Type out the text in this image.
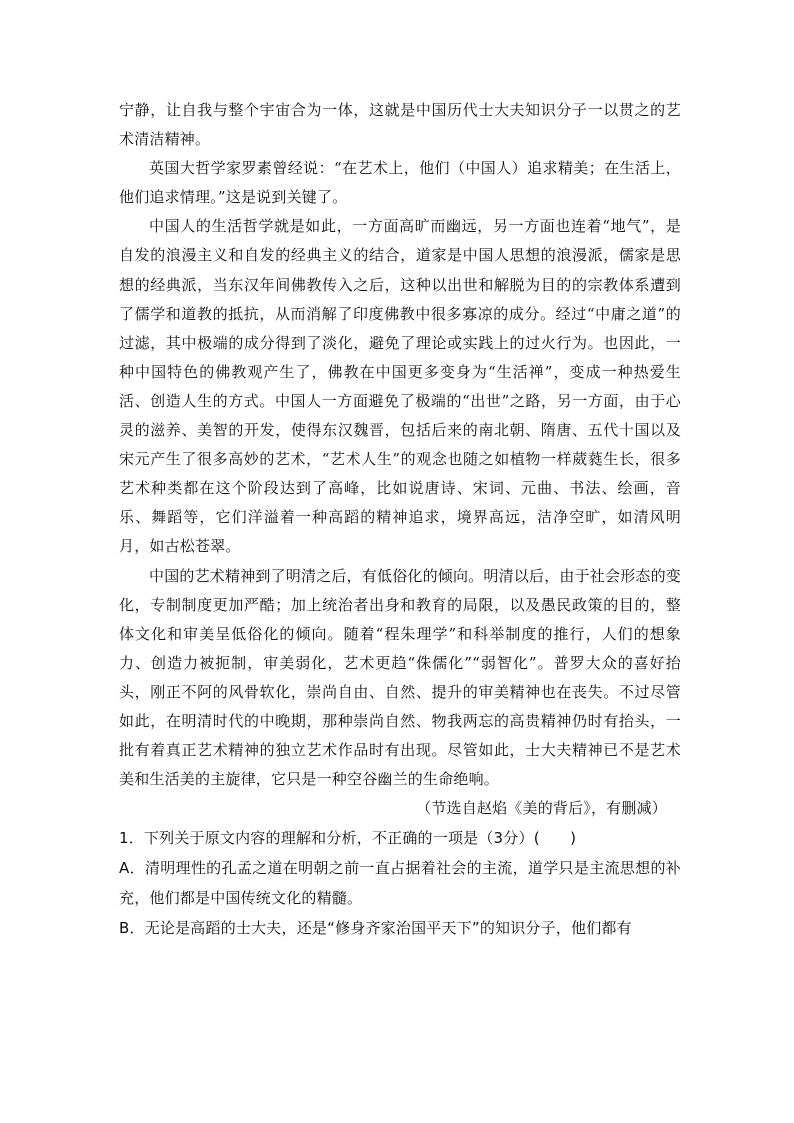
宁静，让自我与整个宇宙合为一体，这就是中国历代士大夫知识分子一以贯之的艺术清洁精神。

英国大哲学家罗素曾经说：“在艺术上，他们（中国人）追求精美；在生活上，他们追求情理。”这是说到关键了。

中国人的生活哲学就是如此，一方面高旷而幽远，另一方面也连着“地气”，是自发的浪漫主义和自发的经典主义的结合，道家是中国人思想的浪漫派，儒家是思想的经典派，当东汉年间佛教传入之后，这种以出世和解脱为目的的宗教体系遭到了儒学和道教的抵抗，从而消解了印度佛教中很多寡凉的成分。经过“中庸之道”的过滤，其中极端的成分得到了淡化，避免了理论或实践上的过火行为。也因此，一种中国特色的佛教观产生了，佛教在中国更多变身为“生活禅”，变成一种热爱生活、创造人生的方式。中国人一方面避免了极端的“出世”之路，另一方面，由于心灵的滋养、美智的开发，使得东汉魏晋，包括后来的南北朝、隋唐、五代十国以及宋元产生了很多高妙的艺术，“艺术人生”的观念也随之如植物一样葳蕤生长，很多艺术种类都在这个阶段达到了高峰，比如说唐诗、宋词、元曲、书法、绘画，音乐、舞蹈等，它们洋溢着一种高蹈的精神追求，境界高远，洁净空旷，如清风明月，如古松苍翠。

中国的艺术精神到了明清之后，有低俗化的倾向。明清以后，由于社会形态的变化，专制制度更加严酷；加上统治者出身和教育的局限，以及愚民政策的目的，整体文化和审美呈低俗化的倾向。随着“程朱理学”和科举制度的推行，人们的想象力、创造力被扼制，审美弱化，艺术更趋“侏儒化”“弱智化”。普罗大众的喜好抬头，刚正不阿的风骨软化，崇尚自由、自然、提升的审美精神也在丧失。不过尽管如此，在明清时代的中晚期，那种崇尚自然、物我两忘的高贵精神仍时有抬头，一批有着真正艺术精神的独立艺术作品时有出现。尽管如此，士大夫精神已不是艺术美和生活美的主旋律，它只是一种空谷幽兰的生命绝响。

（节选自赵焰《美的背后》，有删减）

1．下列关于原文内容的理解和分析，不正确的一项是（3分）(　　)

A．清明理性的孔孟之道在明朝之前一直占据着社会的主流，道学只是主流思想的补充，他们都是中国传统文化的精髓。

B．无论是高蹈的士大夫，还是“修身齐家治国平天下”的知识分子，他们都有
